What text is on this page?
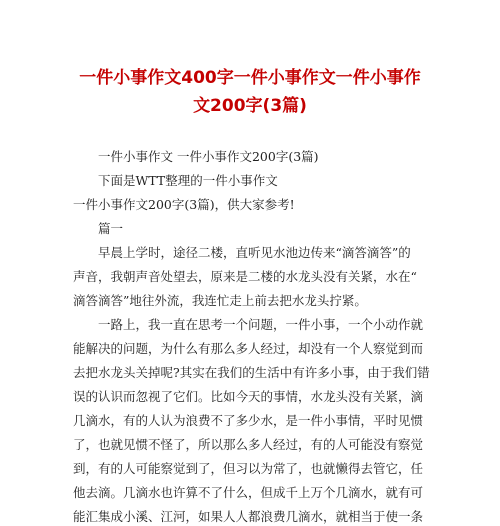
一件小事作文400字一件小事作文一件小事作
文200字(3篇)

一件小事作文 一件小事作文200字(3篇)

下面是WTT整理的一件小事作文

一件小事作文200字(3篇)，供大家参考!

篇一

早晨上学时，途径二楼，直听见水池边传来“滴答滴答”的

声音，我朝声音处望去，原来是二楼的水龙头没有关紧，水在“

滴答滴答”地往外流，我连忙走上前去把水龙头拧紧。

一路上，我一直在思考一个问题，一件小事，一个小动作就

能解决的问题，为什么有那么多人经过，却没有一个人察觉到而

去把水龙头关掉呢?其实在我们的生活中有许多小事，由于我们错

误的认识而忽视了它们。比如今天的事情，水龙头没有关紧，滴

几滴水，有的人认为浪费不了多少水，是一件小事情，平时见惯

了，也就见惯不怪了，所以那么多人经过，有的人可能没有察觉

到，有的人可能察觉到了，但习以为常了，也就懒得去管它，任

他去滴。几滴水也许算不了什么，但成千上万个几滴水，就有可

能汇集成小溪、江河，如果人人都浪费几滴水，就相当于使一条
